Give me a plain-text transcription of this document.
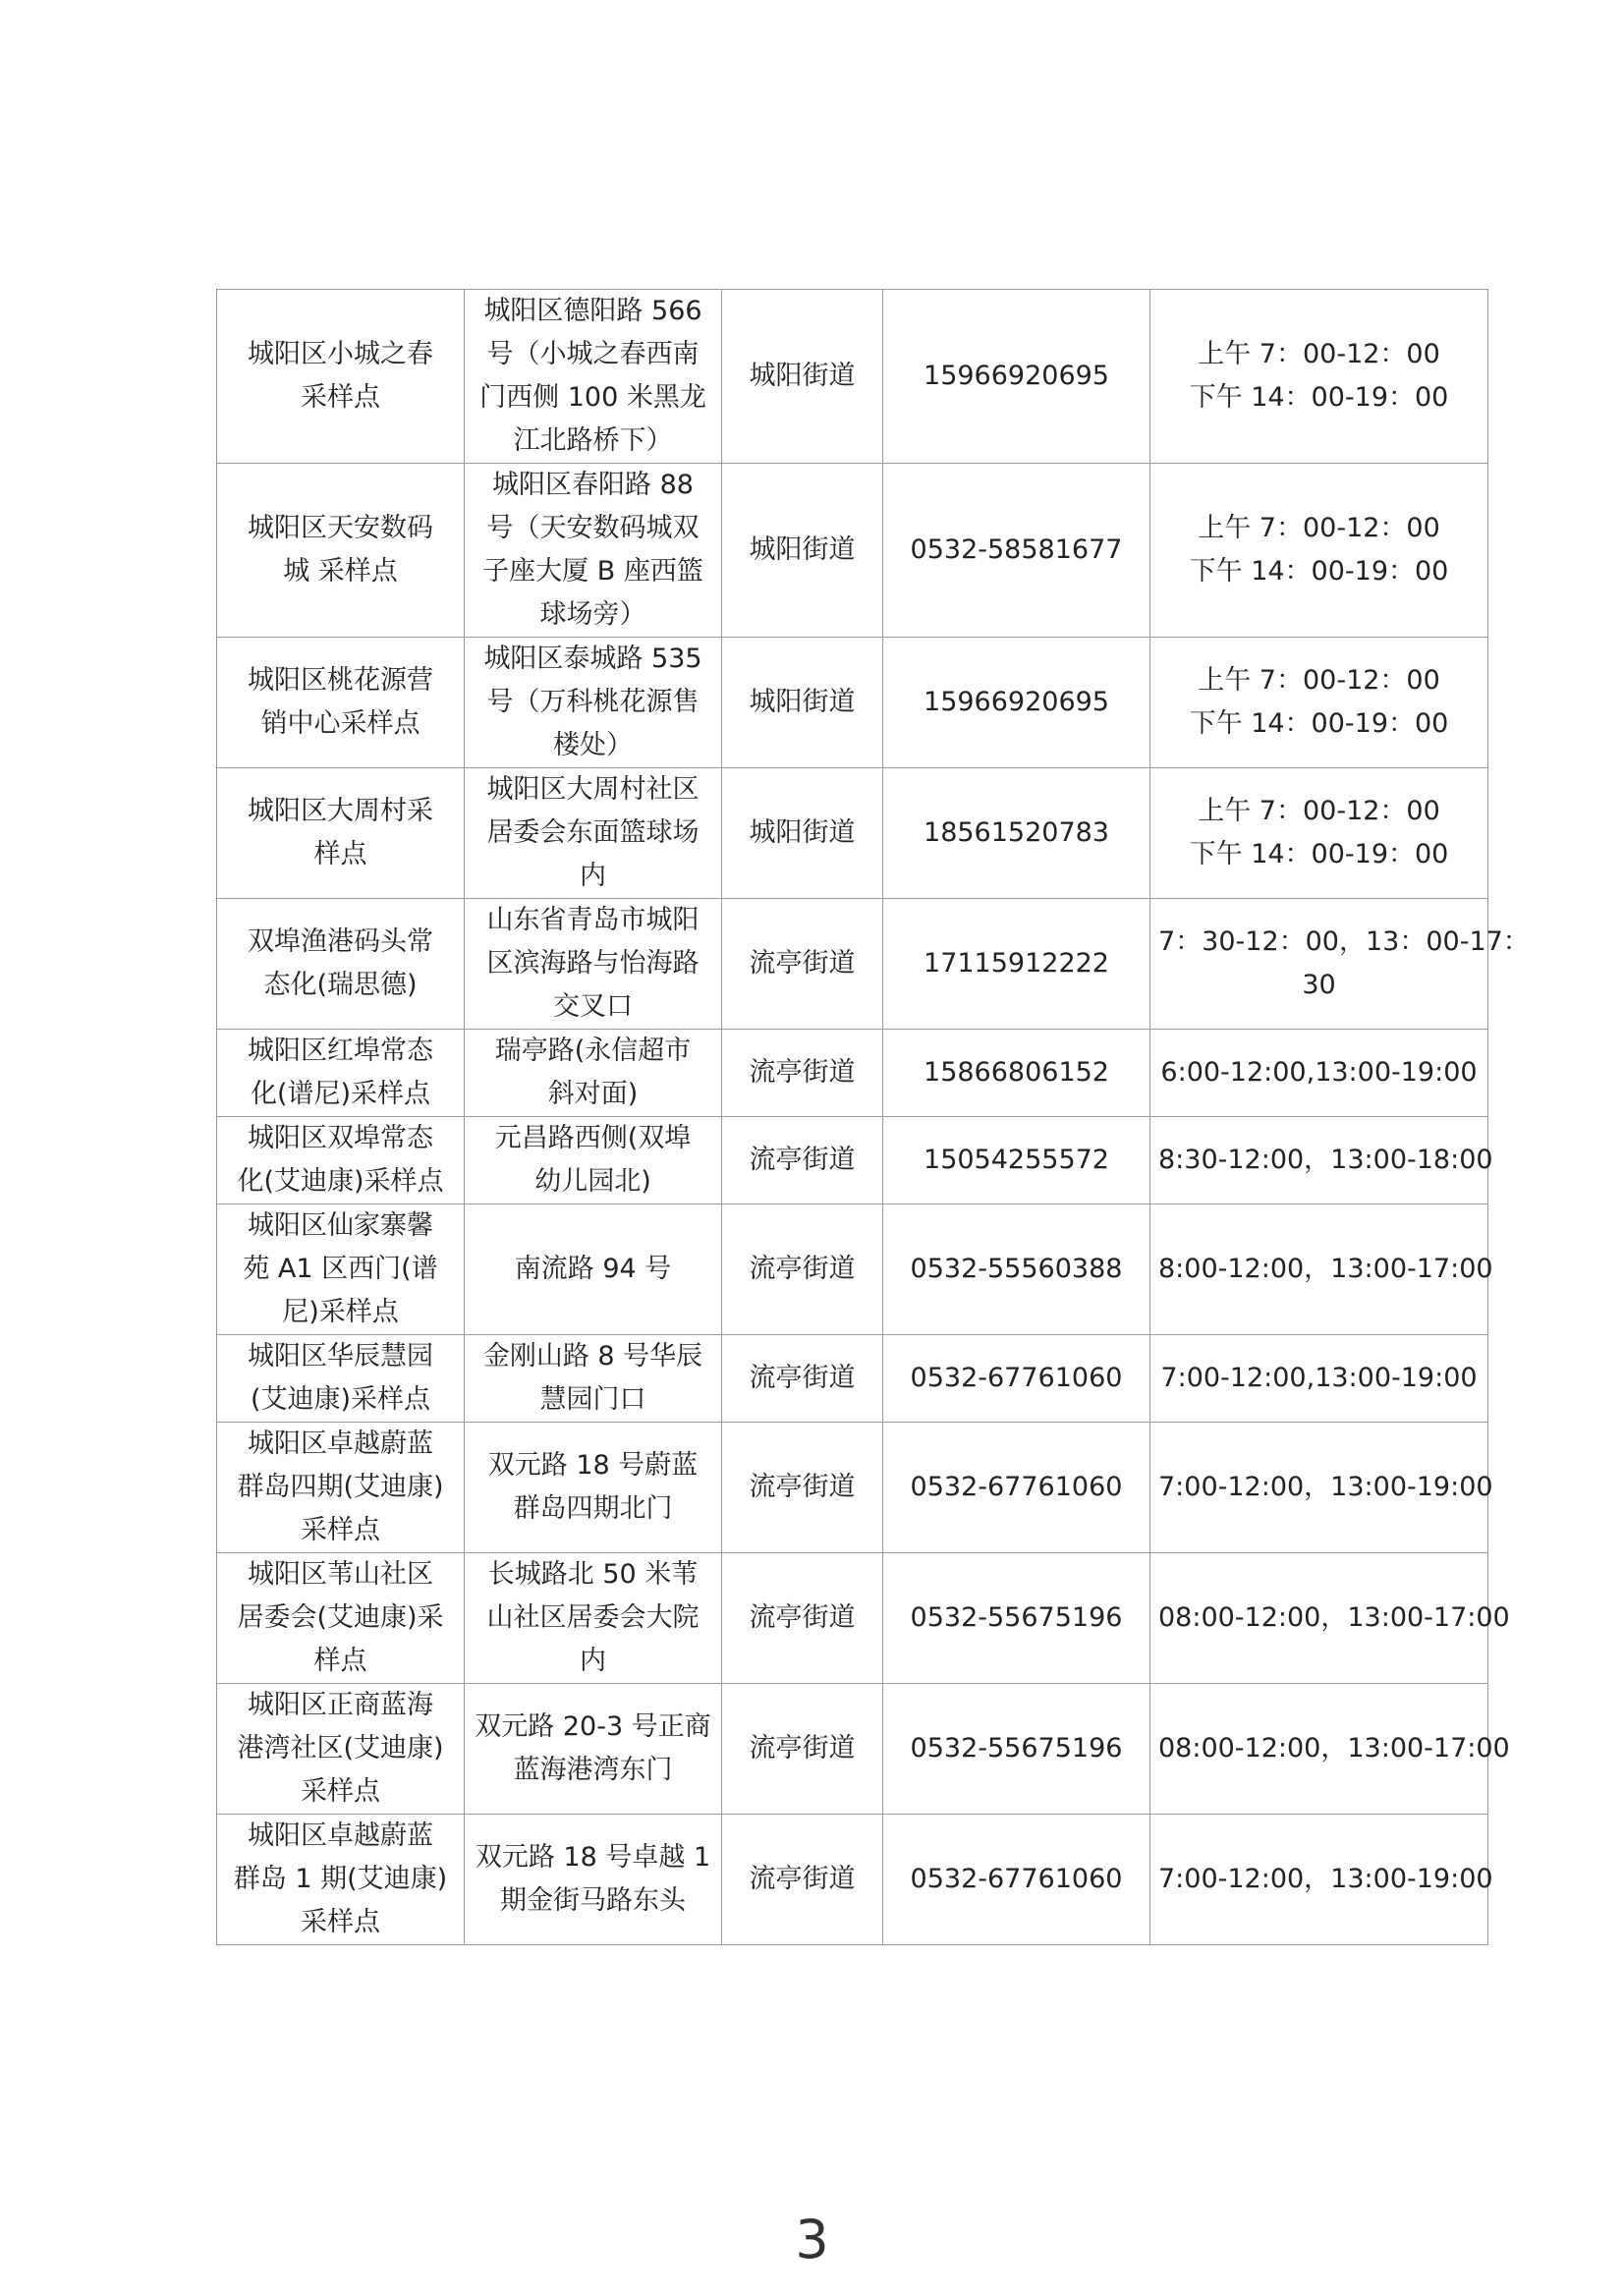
城阳区小城之春
采样点	城阳区德阳路 566
号（小城之春西南
门西侧 100 米黑龙
江北路桥下）	城阳街道	15966920695	上午 7：00-12：00
下午 14：00-19：00

城阳区天安数码
城 采样点	城阳区春阳路 88
号（天安数码城双
子座大厦 B 座西篮
球场旁）	城阳街道	0532-58581677	上午 7：00-12：00
下午 14：00-19：00

城阳区桃花源营
销中心采样点	城阳区泰城路 535
号（万科桃花源售
楼处）	城阳街道	15966920695	上午 7：00-12：00
下午 14：00-19：00

城阳区大周村采
样点	城阳区大周村社区
居委会东面篮球场
内	城阳街道	18561520783	上午 7：00-12：00
下午 14：00-19：00

双埠渔港码头常
态化(瑞思德)	山东省青岛市城阳
区滨海路与怡海路
交叉口	流亭街道	17115912222	7：30-12：00，13：00-17：
30

城阳区红埠常态
化(谱尼)采样点	瑞亭路(永信超市
斜对面)	流亭街道	15866806152	6:00-12:00,13:00-19:00

城阳区双埠常态
化(艾迪康)采样点	元昌路西侧(双埠
幼儿园北)	流亭街道	15054255572	8:30-12:00，13:00-18:00

城阳区仙家寨馨
苑 A1 区西门(谱
尼)采样点	南流路 94 号	流亭街道	0532-55560388	8:00-12:00，13:00-17:00

城阳区华辰慧园
(艾迪康)采样点	金刚山路 8 号华辰
慧园门口	流亭街道	0532-67761060	7:00-12:00,13:00-19:00

城阳区卓越蔚蓝
群岛四期(艾迪康)
采样点	双元路 18 号蔚蓝
群岛四期北门	流亭街道	0532-67761060	7:00-12:00，13:00-19:00

城阳区苇山社区
居委会(艾迪康)采
样点	长城路北 50 米苇
山社区居委会大院
内	流亭街道	0532-55675196	08:00-12:00，13:00-17:00

城阳区正商蓝海
港湾社区(艾迪康)
采样点	双元路 20-3 号正商
蓝海港湾东门	流亭街道	0532-55675196	08:00-12:00，13:00-17:00

城阳区卓越蔚蓝
群岛 1 期(艾迪康)
采样点	双元路 18 号卓越 1
期金街马路东头	流亭街道	0532-67761060	7:00-12:00，13:00-19:00
3
